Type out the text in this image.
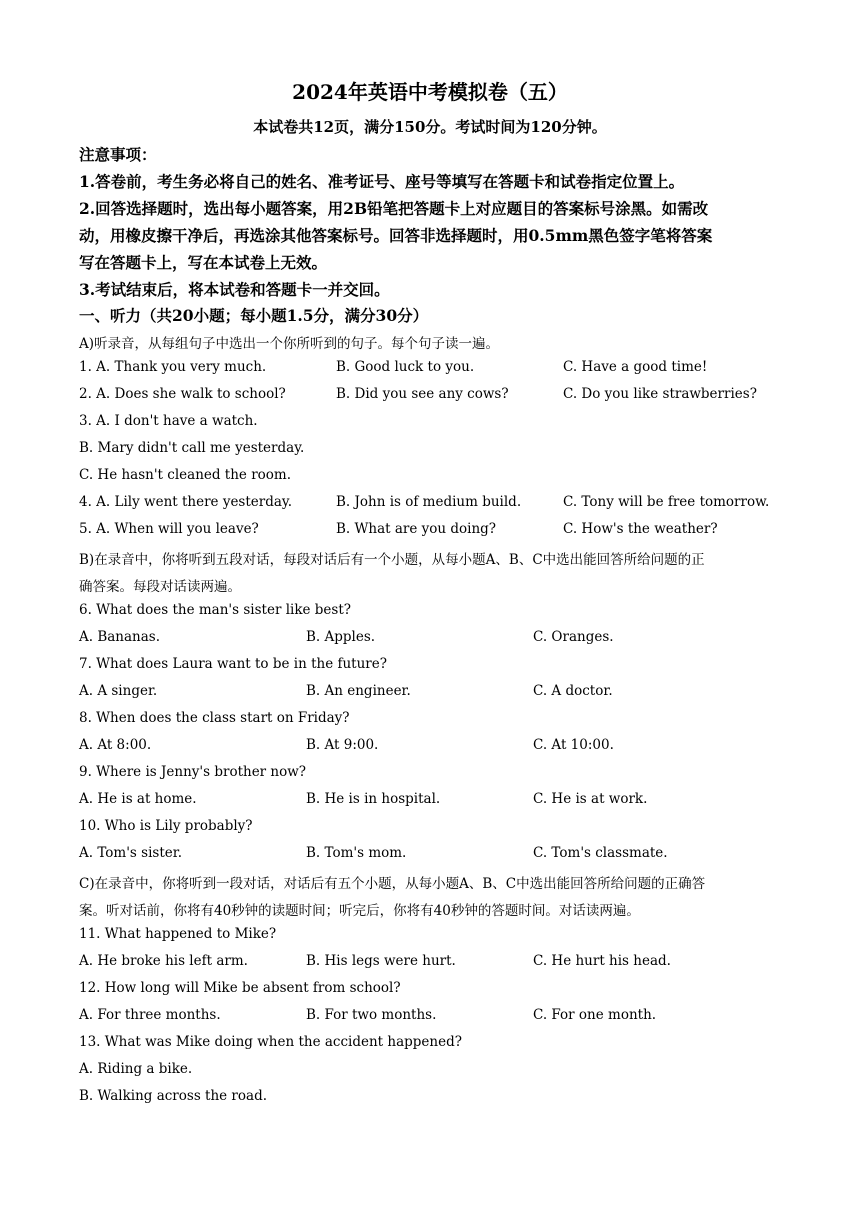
2024年英语中考模拟卷（五）
本试卷共12页，满分150分。考试时间为120分钟。
注意事项：
1.答卷前，考生务必将自己的姓名、准考证号、座号等填写在答题卡和试卷指定位置上。
2.回答选择题时，选出每小题答案，用2B铅笔把答题卡上对应题目的答案标号涂黑。如需改
动，用橡皮擦干净后，再选涂其他答案标号。回答非选择题时，用0.5mm黑色签字笔将答案
写在答题卡上，写在本试卷上无效。
3.考试结束后，将本试卷和答题卡一并交回。
一、听力（共20小题；每小题1.5分，满分30分）
A)听录音，从每组句子中选出一个你所听到的句子。每个句子读一遍。
1. A. Thank you very much.	B. Good luck to you.	C. Have a good time!
2. A. Does she walk to school?	B. Did you see any cows?	C. Do you like strawberries?
3. A. I don't have a watch.
B. Mary didn't call me yesterday.
C. He hasn't cleaned the room.
4. A. Lily went there yesterday.	B. John is of medium build.	C. Tony will be free tomorrow.
5. A. When will you leave?	B. What are you doing?	C. How's the weather?
B)在录音中，你将听到五段对话，每段对话后有一个小题，从每小题A、B、C中选出能回答所给问题的正
确答案。每段对话读两遍。
6. What does the man's sister like best?
A. Bananas.	B. Apples.	C. Oranges.
7. What does Laura want to be in the future?
A. A singer.	B. An engineer.	C. A doctor.
8. When does the class start on Friday?
A. At 8:00.	B. At 9:00.	C. At 10:00.
9. Where is Jenny's brother now?
A. He is at home.	B. He is in hospital.	C. He is at work.
10. Who is Lily probably?
A. Tom's sister.	B. Tom's mom.	C. Tom's classmate.
C)在录音中，你将听到一段对话，对话后有五个小题，从每小题A、B、C中选出能回答所给问题的正确答
案。听对话前，你将有40秒钟的读题时间；听完后，你将有40秒钟的答题时间。对话读两遍。
11. What happened to Mike?
A. He broke his left arm.	B. His legs were hurt.	C. He hurt his head.
12. How long will Mike be absent from school?
A. For three months.	B. For two months.	C. For one month.
13. What was Mike doing when the accident happened?
A. Riding a bike.
B. Walking across the road.
